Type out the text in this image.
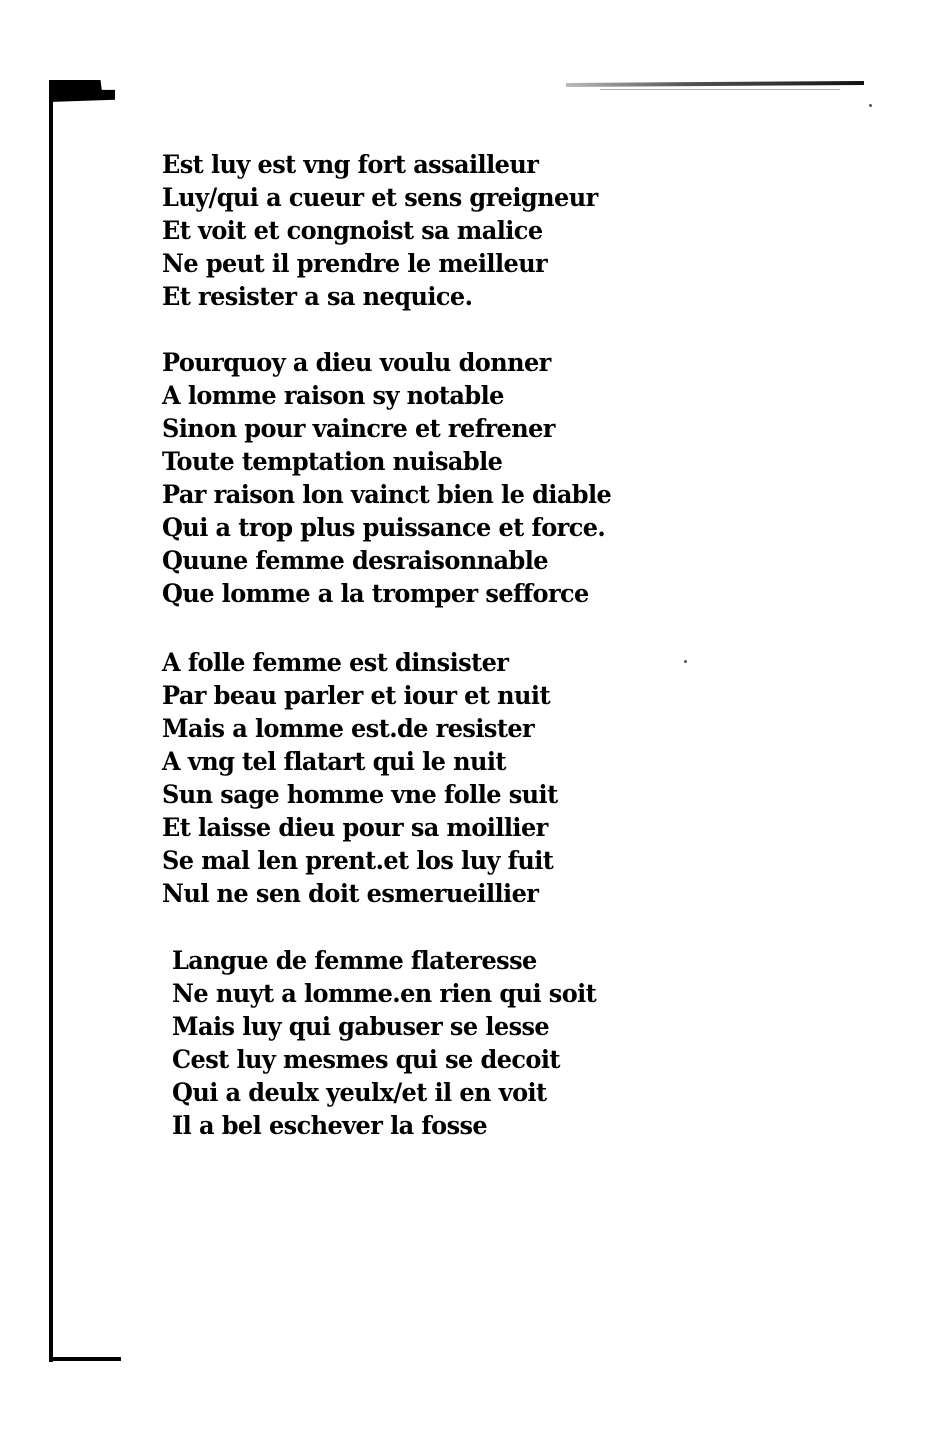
Est luy est vng fort assailleur
Luy/qui a cueur et sens greigneur
Et voit et congnoist sa malice
Ne peut il prendre le meilleur
Et resister a sa nequice.
Pourquoy a dieu voulu donner
A lomme raison sy notable
Sinon pour vaincre et refrener
Toute temptation nuisable
Par raison lon vainct bien le diable
Qui a trop plus puissance et force.
Quune femme desraisonnable
Que lomme a la tromper sefforce
A folle femme est dinsister
Par beau parler et iour et nuit
Mais a lomme est.de resister
A vng tel flatart qui le nuit
Sun sage homme vne folle suit
Et laisse dieu pour sa moillier
Se mal len prent.et los luy fuit
Nul ne sen doit esmerueillier
Langue de femme flateresse
Ne nuyt a lomme.en rien qui soit
Mais luy qui gabuser se lesse
Cest luy mesmes qui se decoit
Qui a deulx yeulx/et il en voit
Il a bel eschever la fosse
